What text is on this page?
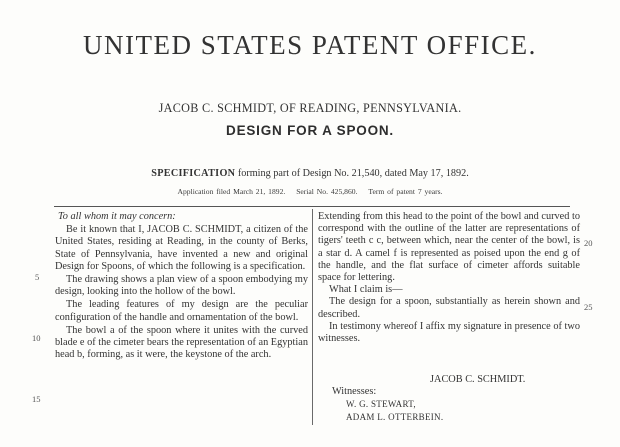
UNITED STATES PATENT OFFICE.
JACOB C. SCHMIDT, OF READING, PENNSYLVANIA.
DESIGN FOR A SPOON.
SPECIFICATION forming part of Design No. 21,540, dated May 17, 1892.
Application filed March 21, 1892. Serial No. 425,860. Term of patent 7 years.

To all whom it may concern:

Be it known that I, JACOB C. SCHMIDT, a citizen of the United States, residing at Reading, in the county of Berks, State of Pennsylvania, have invented a new and original Design for Spoons, of which the following is a specification.

The drawing shows a plan view of a spoon embodying my design, looking into the hollow of the bowl.

The leading features of my design are the peculiar configuration of the handle and ornamentation of the bowl.

The bowl a of the spoon where it unites with the curved blade e of the cimeter bears the representation of an Egyptian head b, forming, as it were, the keystone of the arch.

5
10
15

Extending from this head to the point of the bowl and curved to correspond with the outline of the latter are representations of tigers' teeth c c, between which, near the center of the bowl, is a star d. A camel f is represented as poised upon the end g of the handle, and the flat surface of cimeter affords suitable space for lettering.

What I claim is—

The design for a spoon, substantially as herein shown and described.

In testimony whereof I affix my signature in presence of two witnesses.

20
25
JACOB C. SCHMIDT.
Witnesses:
W. G. STEWART,
ADAM L. OTTERBEIN.
